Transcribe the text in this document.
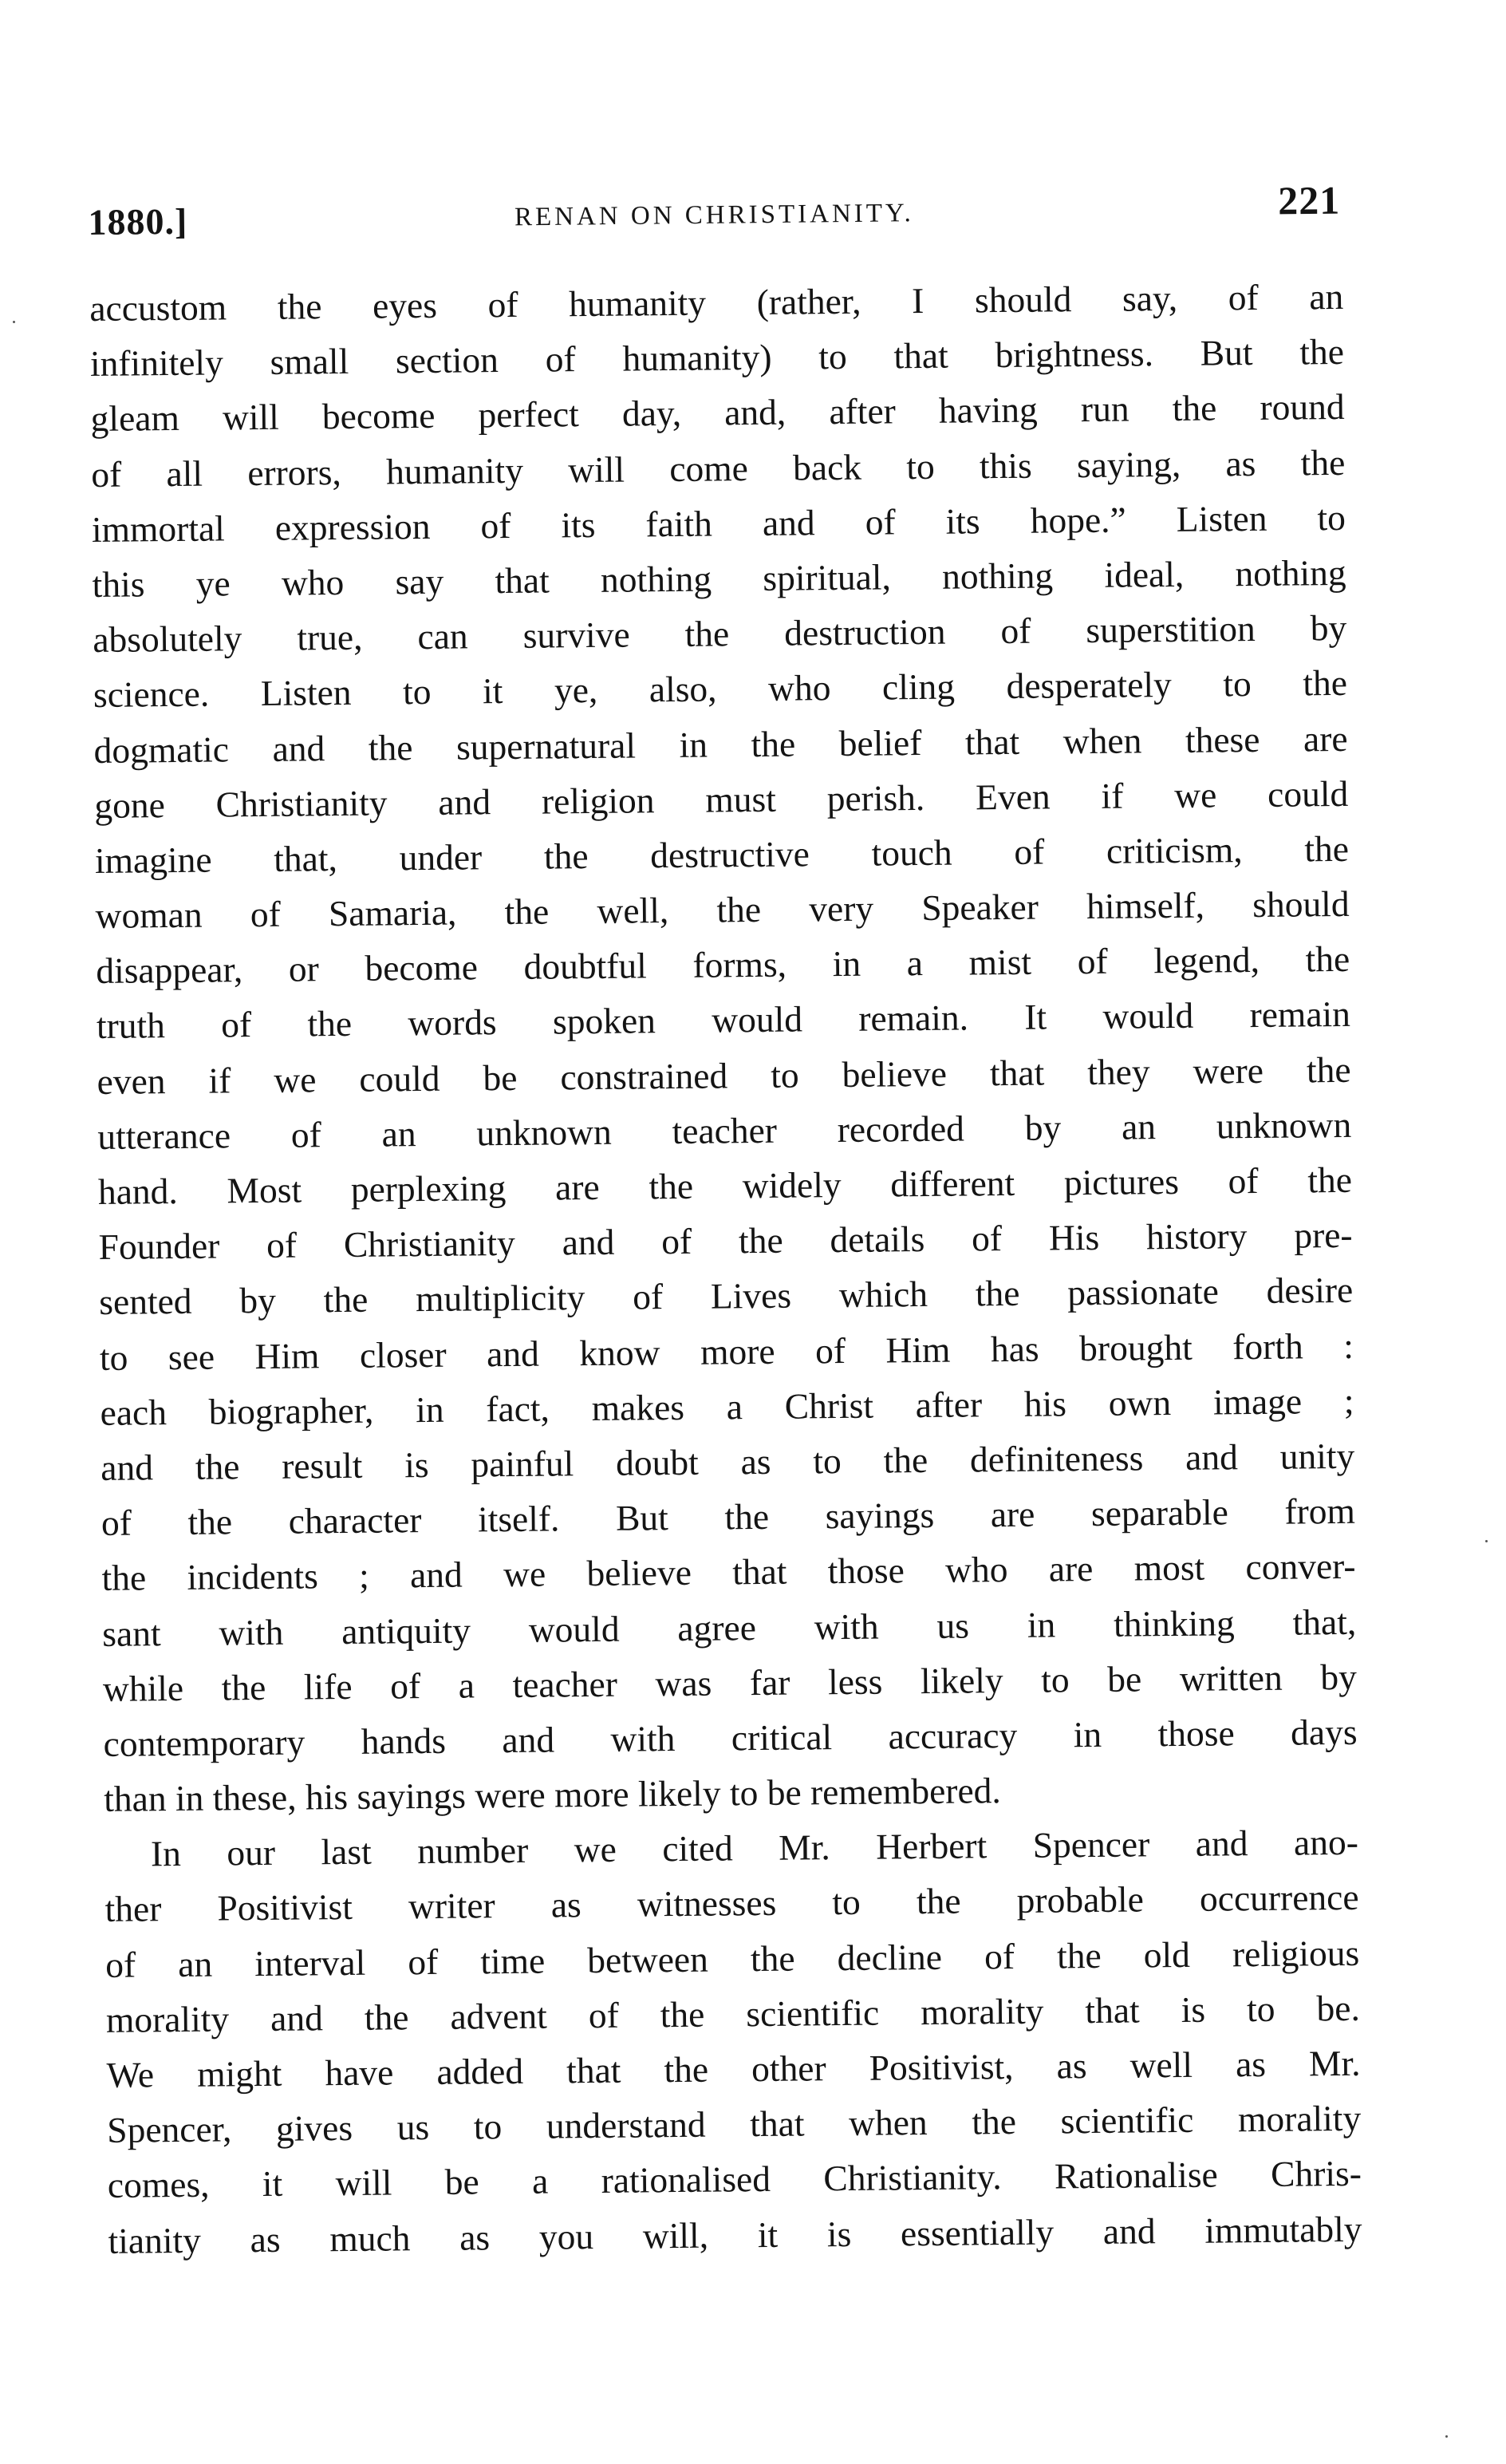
1880.]	RENAN ON CHRISTIANITY.	221
accustom the eyes of humanity (rather, I should say, of an
infinitely small section of humanity) to that brightness. But the
gleam will become perfect day, and, after having run the round
of all errors, humanity will come back to this saying, as the
immortal expression of its faith and of its hope.” Listen to
this ye who say that nothing spiritual, nothing ideal, nothing
absolutely true, can survive the destruction of superstition by
science. Listen to it ye, also, who cling desperately to the
dogmatic and the supernatural in the belief that when these are
gone Christianity and religion must perish. Even if we could
imagine that, under the destructive touch of criticism, the
woman of Samaria, the well, the very Speaker himself, should
disappear, or become doubtful forms, in a mist of legend, the
truth of the words spoken would remain. It would remain
even if we could be constrained to believe that they were the
utterance of an unknown teacher recorded by an unknown
hand. Most perplexing are the widely different pictures of the
Founder of Christianity and of the details of His history pre-
sented by the multiplicity of Lives which the passionate desire
to see Him closer and know more of Him has brought forth :
each biographer, in fact, makes a Christ after his own image ;
and the result is painful doubt as to the definiteness and unity
of the character itself. But the sayings are separable from
the incidents ; and we believe that those who are most conver-
sant with antiquity would agree with us in thinking that,
while the life of a teacher was far less likely to be written by
contemporary hands and with critical accuracy in those days
than in these, his sayings were more likely to be remembered.
In our last number we cited Mr. Herbert Spencer and ano-
ther Positivist writer as witnesses to the probable occurrence
of an interval of time between the decline of the old religious
morality and the advent of the scientific morality that is to be.
We might have added that the other Positivist, as well as Mr.
Spencer, gives us to understand that when the scientific morality
comes, it will be a rationalised Christianity. Rationalise Chris-
tianity as much as you will, it is essentially and immutably
